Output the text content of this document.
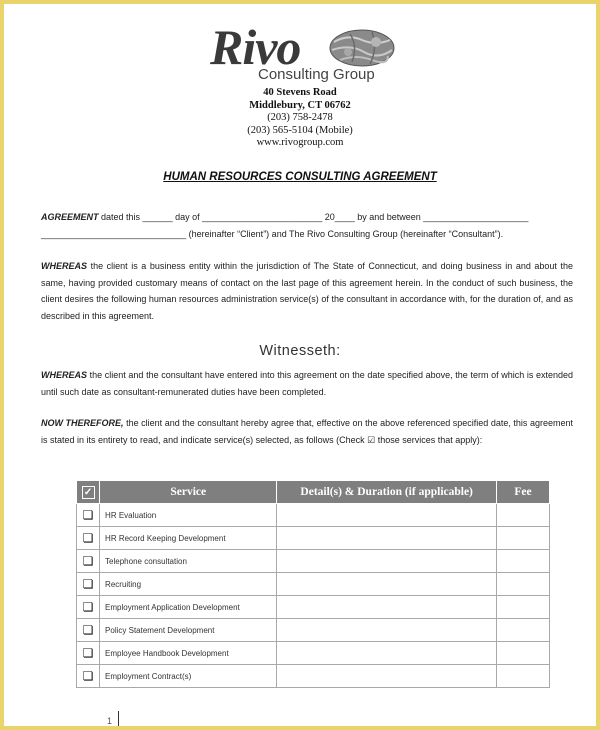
Rivo
Consulting Group
40 Stevens Road
Middlebury, CT 06762
(203) 758-2478
(203) 565-5104 (Mobile)
www.rivogroup.com
HUMAN RESOURCES CONSULTING AGREEMENT
AGREEMENT dated this ______ day of ________________________ 20____ by and between _____________________
_____________________________ (hereinafter “Client”) and The Rivo Consulting Group (hereinafter “Consultant”).
WHEREAS the client is a business entity within the jurisdiction of The State of Connecticut, and doing business in and about the same, having provided customary means of contact on the last page of this agreement herein. In the conduct of such business, the client desires the following human resources administration service(s) of the consultant in accordance with, for the duration of, and as described in this agreement.
Witnesseth:
WHEREAS the client and the consultant have entered into this agreement on the date specified above, the term of which is extended until such date as consultant-remunerated duties have been completed.
NOW THEREFORE, the client and the consultant hereby agree that, effective on the above referenced specified date, this agreement is stated in its entirety to read, and indicate service(s) selected, as follows (Check ☑ those services that apply):
✓	Service	Detail(s) & Duration (if applicable)	Fee
❏	HR Evaluation		
❏	HR Record Keeping Development		
❏	Telephone consultation		
❏	Recruiting		
❏	Employment Application Development		
❏	Policy Statement Development		
❏	Employee Handbook Development		
❏	Employment Contract(s)		
1
